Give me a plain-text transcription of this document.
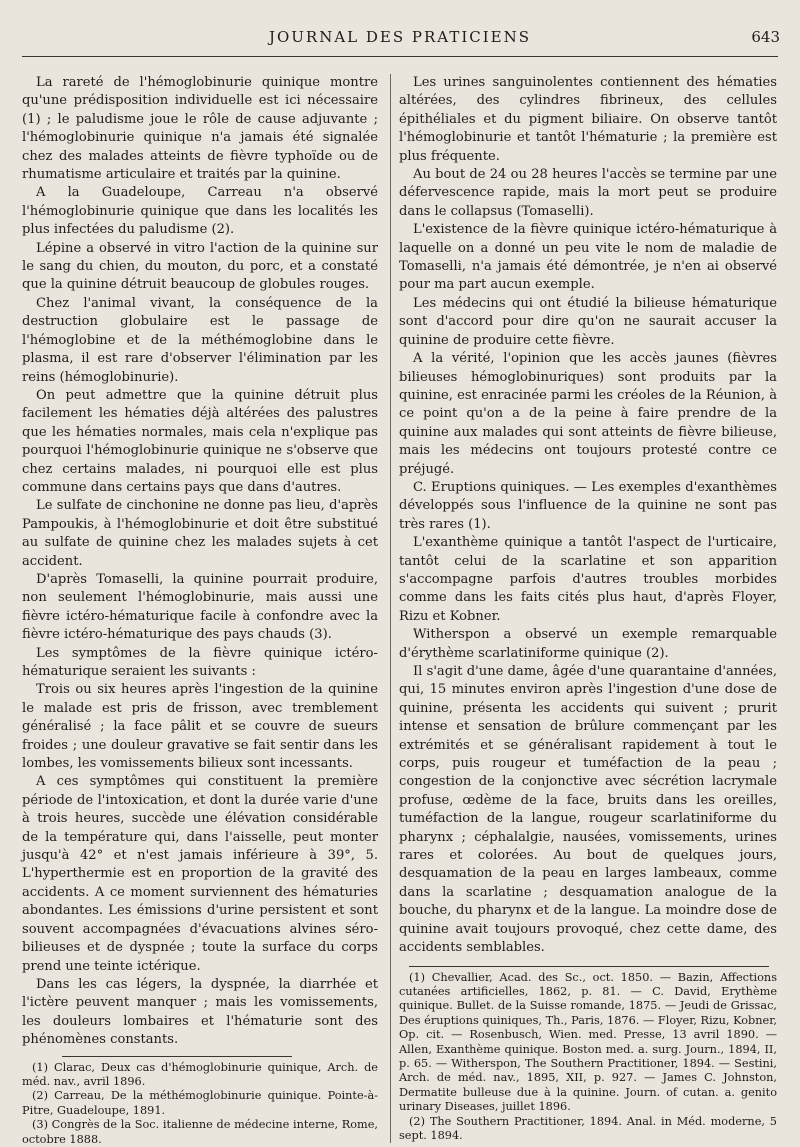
JOURNAL DES PRATICIENS	643

La rareté de l'hémoglobinurie quinique montre qu'une prédisposition individuelle est ici nécessaire (1) ; le paludisme joue le rôle de cause adjuvante ; l'hémoglobinurie quinique n'a jamais été signalée chez des malades atteints de fièvre typhoïde ou de rhumatisme articulaire et traités par la quinine.

A la Guadeloupe, Carreau n'a observé l'hémoglobinurie quinique que dans les localités les plus infectées du paludisme (2).

Lépine a observé in vitro l'action de la quinine sur le sang du chien, du mouton, du porc, et a constaté que la quinine détruit beaucoup de globules rouges.

Chez l'animal vivant, la conséquence de la destruction globulaire est le passage de l'hémoglobine et de la méthémoglobine dans le plasma, il est rare d'observer l'élimination par les reins (hémoglobinurie).

On peut admettre que la quinine détruit plus facilement les hématies déjà altérées des palustres que les hématies normales, mais cela n'explique pas pourquoi l'hémoglobinurie quinique ne s'observe que chez certains malades, ni pourquoi elle est plus commune dans certains pays que dans d'autres.

Le sulfate de cinchonine ne donne pas lieu, d'après Pampoukis, à l'hémoglobinurie et doit être substitué au sulfate de quinine chez les malades sujets à cet accident.

D'après Tomaselli, la quinine pourrait produire, non seulement l'hémoglobinurie, mais aussi une fièvre ictéro-hématurique facile à confondre avec la fièvre ictéro-hématurique des pays chauds (3).

Les symptômes de la fièvre quinique ictéro-hématurique seraient les suivants :

Trois ou six heures après l'ingestion de la quinine le malade est pris de frisson, avec tremblement généralisé ; la face pâlit et se couvre de sueurs froides ; une douleur gravative se fait sentir dans les lombes, les vomissements bilieux sont incessants.

A ces symptômes qui constituent la première période de l'intoxication, et dont la durée varie d'une à trois heures, succède une élévation considérable de la température qui, dans l'aisselle, peut monter jusqu'à 42° et n'est jamais inférieure à 39°, 5. L'hyperthermie est en proportion de la gravité des accidents. A ce moment surviennent des hématuries abondantes. Les émissions d'urine persistent et sont souvent accompagnées d'évacuations alvines séro-bilieuses et de dyspnée ; toute la surface du corps prend une teinte ictérique.

Dans les cas légers, la dyspnée, la diarrhée et l'ictère peuvent manquer ; mais les vomissements, les douleurs lombaires et l'hématurie sont des phénomènes constants.

(1) Clarac, Deux cas d'hémoglobinurie quinique, Arch. de méd. nav., avril 1896.

(2) Carreau, De la méthémoglobinurie quinique. Pointe-à-Pitre, Guadeloupe, 1891.

(3) Congrès de la Soc. italienne de médecine interne, Rome, octobre 1888.

Les urines sanguinolentes contiennent des hématies altérées, des cylindres fibrineux, des cellules épithéliales et du pigment biliaire. On observe tantôt l'hémoglobinurie et tantôt l'hématurie ; la première est plus fréquente.

Au bout de 24 ou 28 heures l'accès se termine par une défervescence rapide, mais la mort peut se produire dans le collapsus (Tomaselli).

L'existence de la fièvre quinique ictéro-hématurique à laquelle on a donné un peu vite le nom de maladie de Tomaselli, n'a jamais été démontrée, je n'en ai observé pour ma part aucun exemple.

Les médecins qui ont étudié la bilieuse hématurique sont d'accord pour dire qu'on ne saurait accuser la quinine de produire cette fièvre.

A la vérité, l'opinion que les accès jaunes (fièvres bilieuses hémoglobinuriques) sont produits par la quinine, est enracinée parmi les créoles de la Réunion, à ce point qu'on a de la peine à faire prendre de la quinine aux malades qui sont atteints de fièvre bilieuse, mais les médecins ont toujours protesté contre ce préjugé.

C. Eruptions quiniques. — Les exemples d'exanthèmes développés sous l'influence de la quinine ne sont pas très rares (1).

L'exanthème quinique a tantôt l'aspect de l'urticaire, tantôt celui de la scarlatine et son apparition s'accompagne parfois d'autres troubles morbides comme dans les faits cités plus haut, d'après Floyer, Rizu et Kobner.

Witherspon a observé un exemple remarquable d'érythème scarlatiniforme quinique (2).

Il s'agit d'une dame, âgée d'une quarantaine d'années, qui, 15 minutes environ après l'ingestion d'une dose de quinine, présenta les accidents qui suivent ; prurit intense et sensation de brûlure commençant par les extrémités et se généralisant rapidement à tout le corps, puis rougeur et tuméfaction de la peau ; congestion de la conjonctive avec sécrétion lacrymale profuse, œdème de la face, bruits dans les oreilles, tuméfaction de la langue, rougeur scarlatiniforme du pharynx ; céphalalgie, nausées, vomissements, urines rares et colorées. Au bout de quelques jours, desquamation de la peau en larges lambeaux, comme dans la scarlatine ; desquamation analogue de la bouche, du pharynx et de la langue. La moindre dose de quinine avait toujours provoqué, chez cette dame, des accidents semblables.

(1) Chevallier, Acad. des Sc., oct. 1850. — Bazin, Affections cutanées artificielles, 1862, p. 81. — C. David, Erythème quinique. Bullet. de la Suisse romande, 1875. — Jeudi de Grissac, Des éruptions quiniques, Th., Paris, 1876. — Floyer, Rizu, Kobner, Op. cit. — Rosenbusch, Wien. med. Presse, 13 avril 1890. — Allen, Exanthème quinique. Boston med. a. surg. Journ., 1894, II, p. 65. — Witherspon, The Southern Practitioner, 1894. — Sestini, Arch. de méd. nav., 1895, XII, p. 927. — James C. Johnston, Dermatite bulleuse due à la quinine. Journ. of cutan. a. genito urinary Diseases, juillet 1896.

(2) The Southern Practitioner, 1894. Anal. in Méd. moderne, 5 sept. 1894.
